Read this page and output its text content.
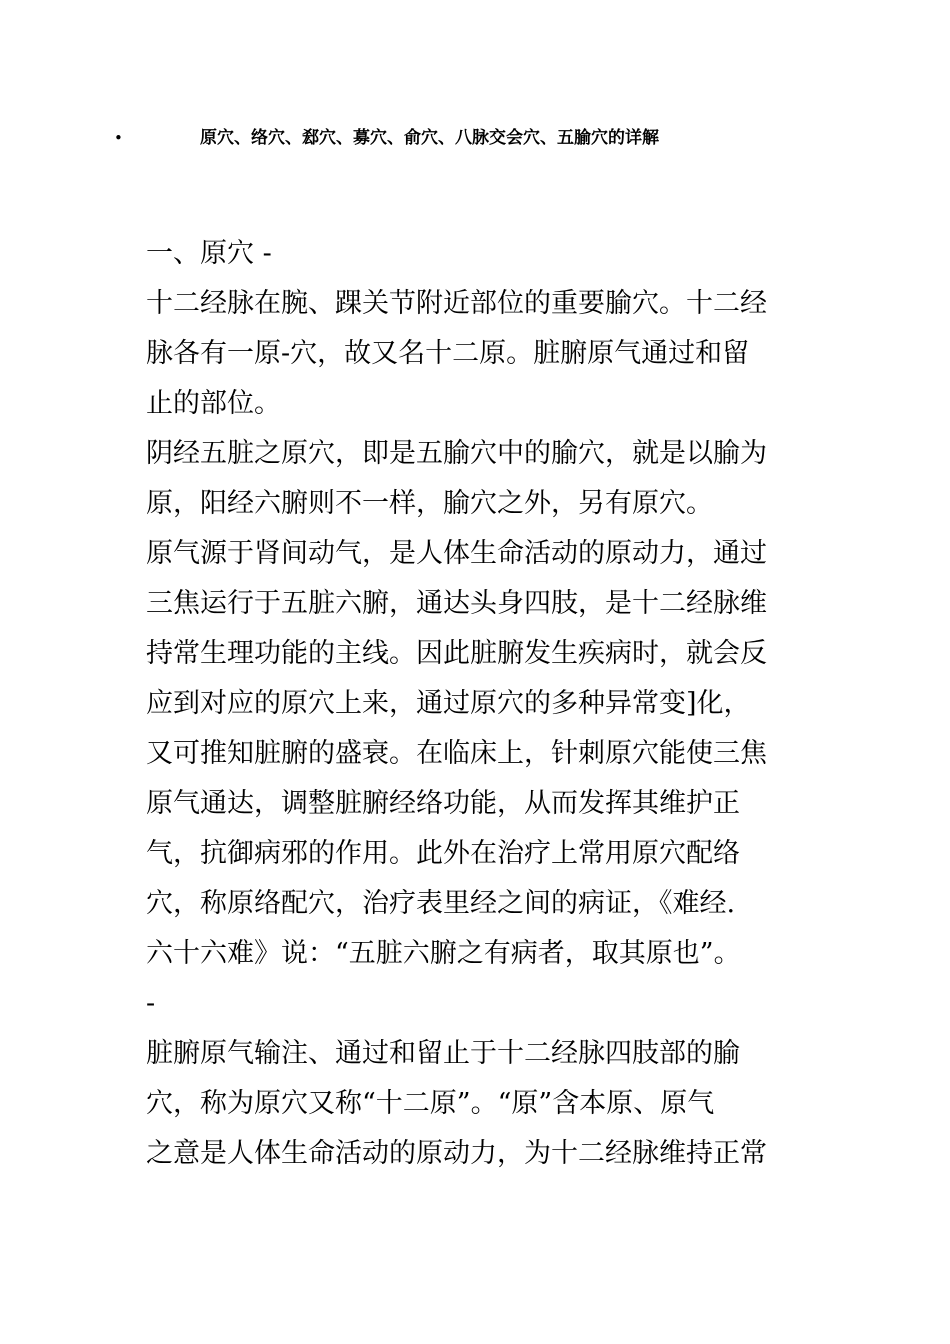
•	原穴、络穴、郄穴、募穴、俞穴、八脉交会穴、五腧穴的详解
一、原穴 -
十二经脉在腕、踝关节附近部位的重要腧穴。十二经
脉各有一原-穴，故又名十二原。脏腑原气通过和留
止的部位。
阴经五脏之原穴，即是五腧穴中的腧穴，就是以腧为
原，阳经六腑则不一样，腧穴之外，另有原穴。
原气源于肾间动气，是人体生命活动的原动力，通过
三焦运行于五脏六腑，通达头身四肢，是十二经脉维
持常生理功能的主线。因此脏腑发生疾病时，就会反
应到对应的原穴上来，通过原穴的多种异常变]化，
又可推知脏腑的盛衰。在临床上，针刺原穴能使三焦
原气通达，调整脏腑经络功能，从而发挥其维护正
气，抗御病邪的作用。此外在治疗上常用原穴配络
穴，称原络配穴，治疗表里经之间的病证，《难经.
六十六难》说：“五脏六腑之有病者，取其原也”。
-
脏腑原气输注、通过和留止于十二经脉四肢部的腧
穴，称为原穴又称“十二原”。“原”含本原、原气
之意是人体生命活动的原动力，为十二经脉维持正常
